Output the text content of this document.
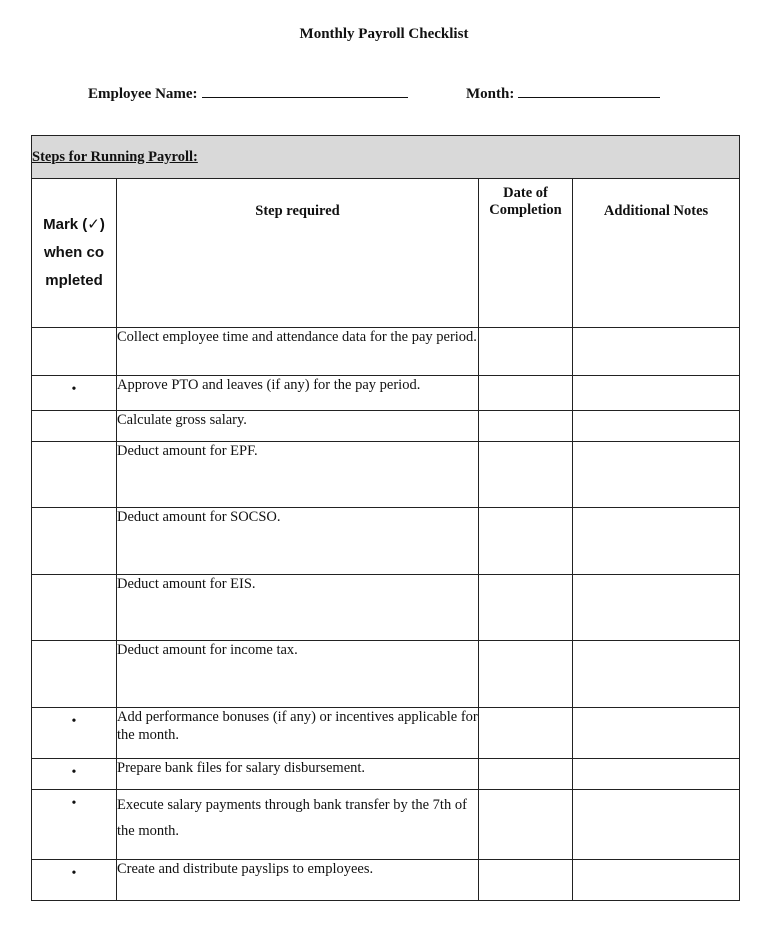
Monthly Payroll Checklist
Employee Name:	Month:
Steps for Running Payroll:			
Mark (✓) when completed	Step required	Date of Completion	Additional Notes
	Collect employee time and attendance data for the pay period.		
•	Approve PTO and leaves (if any) for the pay period.		
	Calculate gross salary.		
	Deduct amount for EPF.		
	Deduct amount for SOCSO.		
	Deduct amount for EIS.		
	Deduct amount for income tax.		
•	Add performance bonuses (if any) or incentives applicable for the month.		
•	Prepare bank files for salary disbursement.		
•	Execute salary payments through bank transfer by the 7th of the month.		
•	Create and distribute payslips to employees.		
